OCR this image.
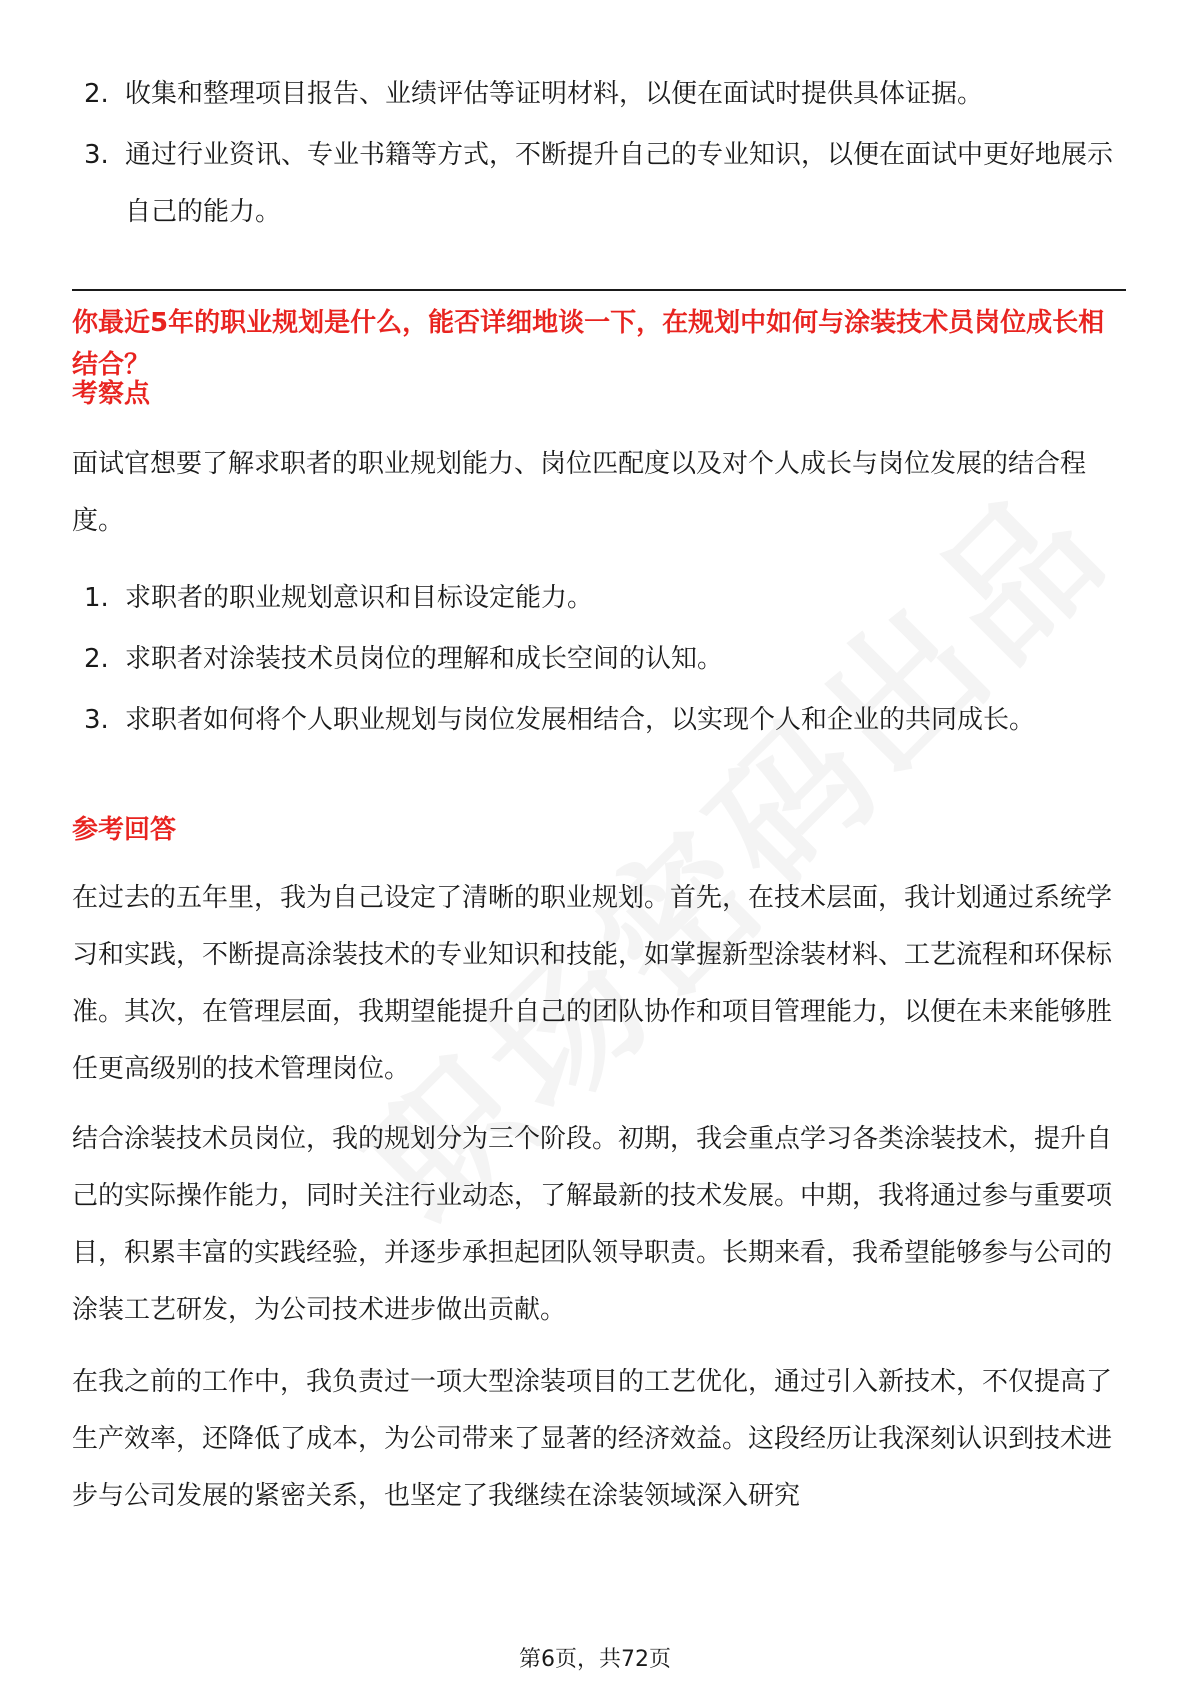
2. 收集和整理项目报告、业绩评估等证明材料，以便在面试时提供具体证据。
3. 通过行业资讯、专业书籍等方式，不断提升自己的专业知识，以便在面试中更好地展示自己的能力。
你最近5年的职业规划是什么，能否详细地谈一下，在规划中如何与涂装技术员岗位成长相结合？
考察点
面试官想要了解求职者的职业规划能力、岗位匹配度以及对个人成长与岗位发展的结合程度。
1. 求职者的职业规划意识和目标设定能力。
2. 求职者对涂装技术员岗位的理解和成长空间的认知。
3. 求职者如何将个人职业规划与岗位发展相结合，以实现个人和企业的共同成长。
参考回答
在过去的五年里，我为自己设定了清晰的职业规划。首先，在技术层面，我计划通过系统学习和实践，不断提高涂装技术的专业知识和技能，如掌握新型涂装材料、工艺流程和环保标准。其次，在管理层面，我期望能提升自己的团队协作和项目管理能力，以便在未来能够胜任更高级别的技术管理岗位。
结合涂装技术员岗位，我的规划分为三个阶段。初期，我会重点学习各类涂装技术，提升自己的实际操作能力，同时关注行业动态，了解最新的技术发展。中期，我将通过参与重要项目，积累丰富的实践经验，并逐步承担起团队领导职责。长期来看，我希望能够参与公司的涂装工艺研发，为公司技术进步做出贡献。
在我之前的工作中，我负责过一项大型涂装项目的工艺优化，通过引入新技术，不仅提高了生产效率，还降低了成本，为公司带来了显著的经济效益。这段经历让我深刻认识到技术进步与公司发展的紧密关系，也坚定了我继续在涂装领域深入研究
第6页，共72页
